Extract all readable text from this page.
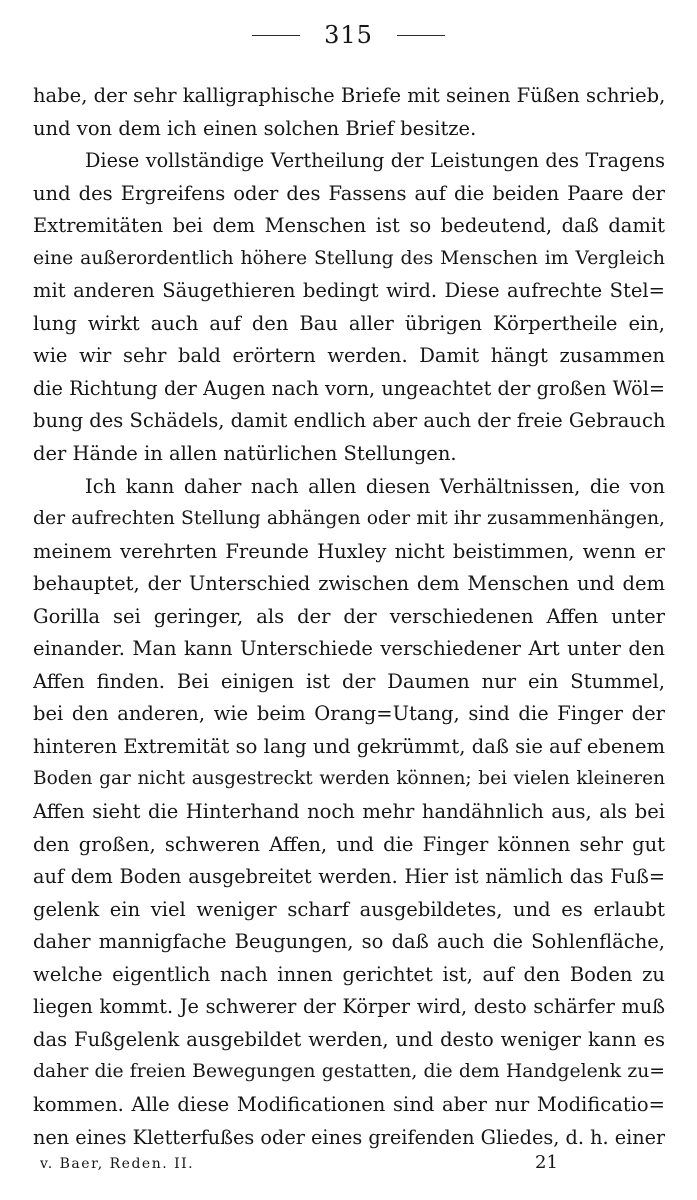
315
habe, der sehr kalligraphische Briefe mit seinen Füßen schrieb,
und von dem ich einen solchen Brief besitze.
Diese vollständige Vertheilung der Leistungen des Tragens
und des Ergreifens oder des Fassens auf die beiden Paare der
Extremitäten bei dem Menschen ist so bedeutend, daß damit
eine außerordentlich höhere Stellung des Menschen im Vergleich
mit anderen Säugethieren bedingt wird. Diese aufrechte Stel=
lung wirkt auch auf den Bau aller übrigen Körpertheile ein,
wie wir sehr bald erörtern werden. Damit hängt zusammen
die Richtung der Augen nach vorn, ungeachtet der großen Wöl=
bung des Schädels, damit endlich aber auch der freie Gebrauch
der Hände in allen natürlichen Stellungen.
Ich kann daher nach allen diesen Verhältnissen, die von
der aufrechten Stellung abhängen oder mit ihr zusammenhängen,
meinem verehrten Freunde Huxley nicht beistimmen, wenn er
behauptet, der Unterschied zwischen dem Menschen und dem
Gorilla sei geringer, als der der verschiedenen Affen unter
einander. Man kann Unterschiede verschiedener Art unter den
Affen finden. Bei einigen ist der Daumen nur ein Stummel,
bei den anderen, wie beim Orang=Utang, sind die Finger der
hinteren Extremität so lang und gekrümmt, daß sie auf ebenem
Boden gar nicht ausgestreckt werden können; bei vielen kleineren
Affen sieht die Hinterhand noch mehr handähnlich aus, als bei
den großen, schweren Affen, und die Finger können sehr gut
auf dem Boden ausgebreitet werden. Hier ist nämlich das Fuß=
gelenk ein viel weniger scharf ausgebildetes, und es erlaubt
daher mannigfache Beugungen, so daß auch die Sohlenfläche,
welche eigentlich nach innen gerichtet ist, auf den Boden zu
liegen kommt. Je schwerer der Körper wird, desto schärfer muß
das Fußgelenk ausgebildet werden, und desto weniger kann es
daher die freien Bewegungen gestatten, die dem Handgelenk zu=
kommen. Alle diese Modificationen sind aber nur Modificatio=
nen eines Kletterfußes oder eines greifenden Gliedes, d. h. einer
v. Baer, Reden. II.	21
